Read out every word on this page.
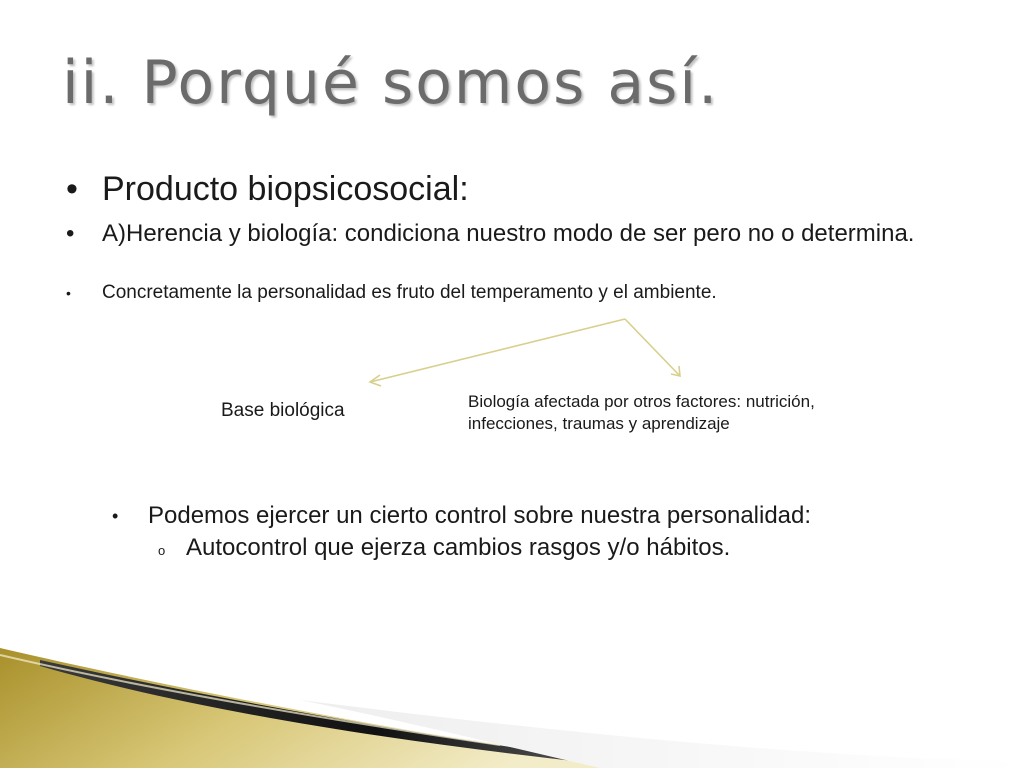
ii. Porqué somos así.
• Producto biopsicosocial:
•	A)Herencia y biología: condiciona nuestro modo de ser pero no o determina.
•	Concretamente la personalidad es fruto del temperamento y el ambiente.
Base biológica	Biología afectada por otros factores: nutrición, infecciones, traumas y aprendizaje
•	Podemos ejercer un cierto control sobre nuestra personalidad:
o Autocontrol que ejerza cambios rasgos y/o hábitos.
